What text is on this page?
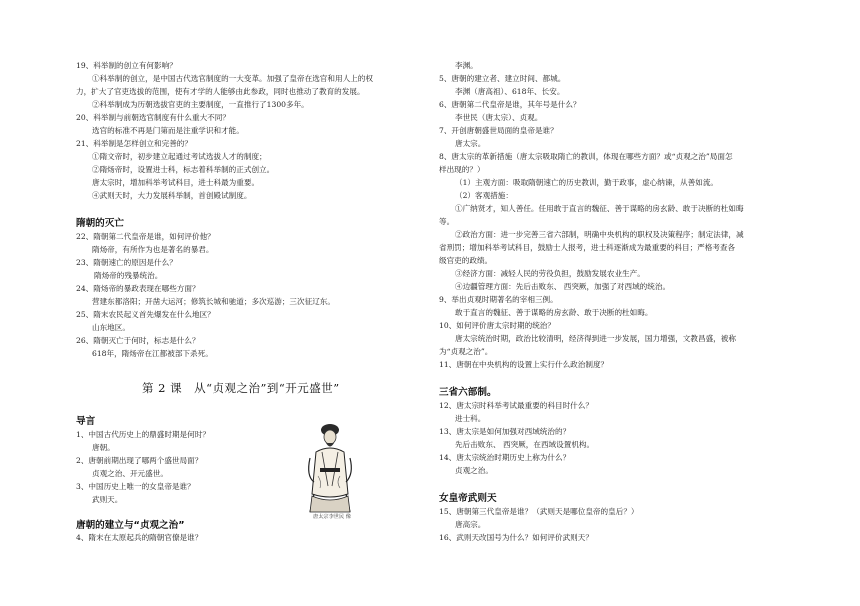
19、科举制的创立有何影响？
①科举制的创立，是中国古代选官制度的一大变革。加强了皇帝在选官和用人上的权
力，扩大了官吏选拔的范围，使有才学的人能够由此参政，同时也推动了教育的发展。
②科举制成为历朝选拔官吏的主要制度，一直推行了1300多年。
20、科举制与前朝选官制度有什么重大不同？
选官的标准不再是门第而是注重学识和才能。
21、科举制是怎样创立和完善的？
①隋文帝时，初步建立起通过考试选拔人才的制度；
②隋炀帝时，设置进士科，标志着科举制的正式创立。
唐太宗时，增加科举考试科目，进士科最为重要。
④武则天时，大力发展科举制，首创殿试制度。
隋朝的灭亡
22、隋朝第二代皇帝是谁，如何评价他？
隋炀帝，有所作为也是著名的暴君。
23、隋朝速亡的原因是什么？
隋炀帝的残暴统治。
24、隋炀帝的暴政表现在哪些方面？
营建东都洛阳；开凿大运河；修筑长城和驰道；多次巡游；三次征辽东。
25、隋末农民起义首先爆发在什么地区？
山东地区。
26、隋朝灭亡于何时，标志是什么？
618年，隋炀帝在江都被部下杀死。
第 2 课　从“贞观之治”到“开元盛世”
导言
1、中国古代历史上的鼎盛时期是何时？
唐朝。
2、唐朝前期出现了哪两个盛世局面？
贞观之治、开元盛世。
3、中国历史上唯一的女皇帝是谁？
武则天。
唐朝的建立与“贞观之治”
4、隋末在太原起兵的隋朝官僚是谁？
唐太宗李世民 像
李渊。
5、唐朝的建立者、建立时间、都城。
李渊（唐高祖）、618年、长安。
6、唐朝第二代皇帝是谁，其年号是什么？
李世民（唐太宗）、贞观。
7、开创唐朝盛世局面的皇帝是谁？
唐太宗。
8、唐太宗的革新措施（唐太宗吸取隋亡的教训，体现在哪些方面？或“贞观之治”局面怎
样出现的？）
（1）主观方面：吸取隋朝速亡的历史教训，勤于政事，虚心纳谏，从善如流。
（2）客观措施：
①广纳贤才，知人善任。任用敢于直言的魏征、善于谋略的房玄龄、敢于决断的杜如晦
等。
②政治方面：进一步完善三省六部制，明确中央机构的职权及决策程序；制定法律，减
省刑罚；增加科举考试科目，鼓励士人报考，进士科逐渐成为最重要的科目；严格考查各
级官吏的政绩。
③经济方面：减轻人民的劳役负担，鼓励发展农业生产。
④边疆管理方面：先后击败东、 西突厥，加强了对西域的统治。
9、举出贞观时期著名的宰相三例。
敢于直言的魏征、善于谋略的房玄龄、敢于决断的杜如晦。
10、如何评价唐太宗时期的统治？
唐太宗统治时期，政治比较清明，经济得到进一步发展，国力增强，文教昌盛，被称
为“贞观之治”。
11、唐朝在中央机构的设置上实行什么政治制度？
三省六部制。
12、唐太宗时科举考试最重要的科目时什么？
进士科。
13、唐太宗是如何加强对西域统治的？
先后击败东、 西突厥，在西域设置机构。
14、唐太宗统治时期历史上称为什么？
贞观之治。
女皇帝武则天
15、唐朝第三代皇帝是谁？（武则天是哪位皇帝的皇后？）
唐高宗。
16、武则天改国号为什么？如何评价武则天？
